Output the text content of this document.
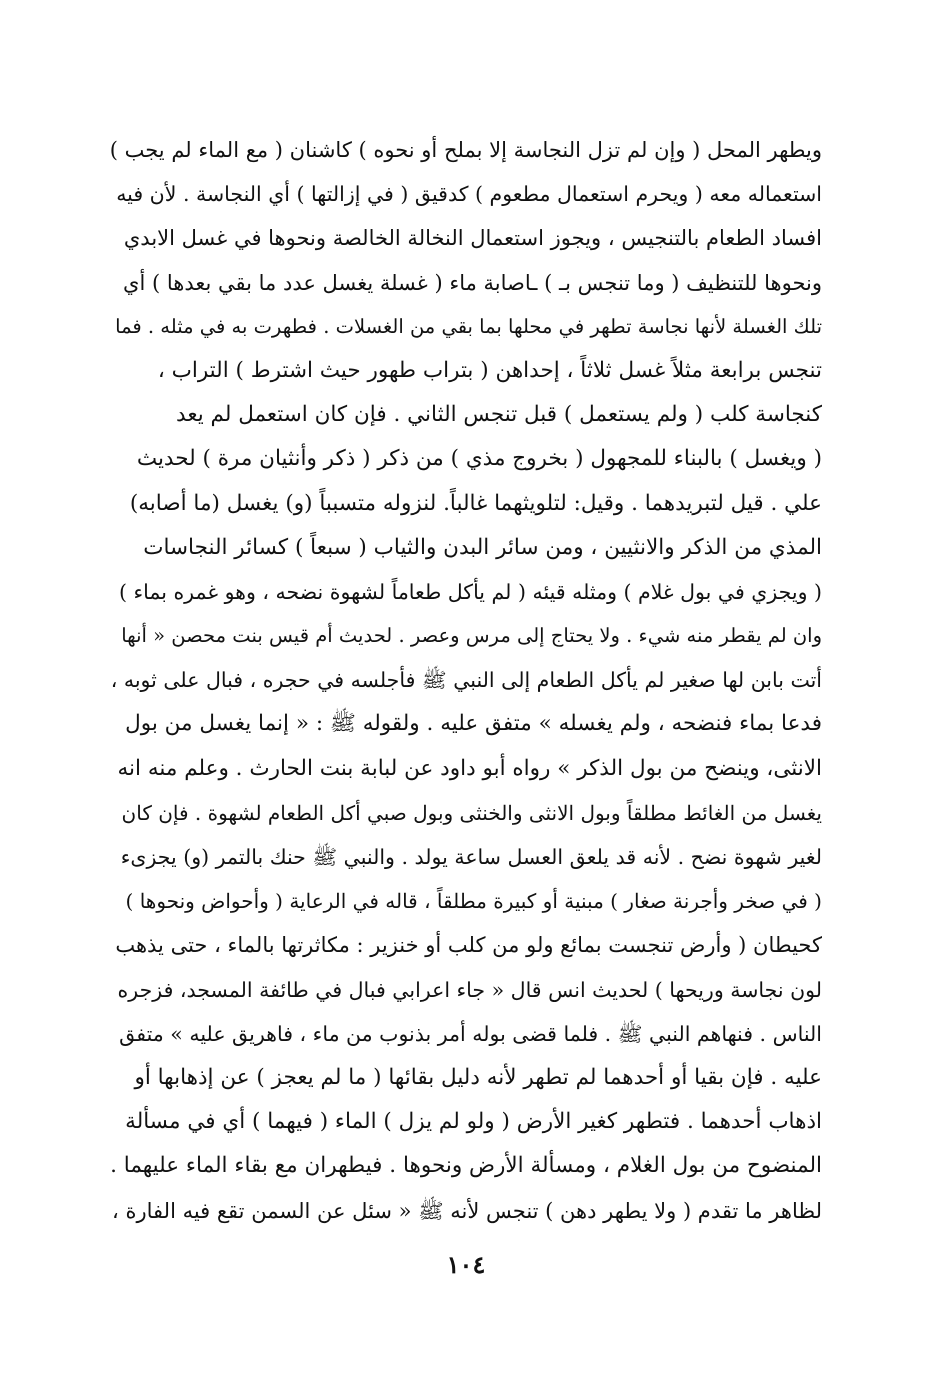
ويطهر المحل ( وإن لم تزل النجاسة إلا بملح أو نحوه ) كاشنان ( مع الماء لم يجب )
استعماله معه ( ويحرم استعمال مطعوم ) كدقيق ( في إزالتها ) أي النجاسة . لأن فيه
افساد الطعام بالتنجيس ، ويجوز استعمال النخالة الخالصة ونحوها في غسل الابدي
ونحوها للتنظيف ( وما تنجس بـ ) ـاصابة ماء ( غسلة يغسل عدد ما بقي بعدها ) أي
تلك الغسلة لأنها نجاسة تطهر في محلها بما بقي من الغسلات . فطهرت به في مثله . فما
تنجس برابعة مثلاً غسل ثلاثاً ، إحداهن ( بتراب طهور حيث اشترط ) التراب ،
كنجاسة كلب ( ولم يستعمل ) قبل تنجس الثاني . فإن كان استعمل لم يعد
( ويغسل ) بالبناء للمجهول ( بخروج مذي ) من ذكر ( ذكر وأنثيان مرة ) لحديث
علي . قيل لتبريدهما . وقيل: لتلويثهما غالباً. لنزوله متسبباً (و) يغسل (ما أصابه)
المذي من الذكر والانثيين ، ومن سائر البدن والثياب ( سبعاً ) كسائر النجاسات
( ويجزي في بول غلام ) ومثله قيئه ( لم يأكل طعاماً لشهوة نضحه ، وهو غمره بماء )
وان لم يقطر منه شيء . ولا يحتاج إلى مرس وعصر . لحديث أم قيس بنت محصن « أنها
أتت بابن لها صغير لم يأكل الطعام إلى النبي ﷺ فأجلسه في حجره ، فبال على ثوبه ،
فدعا بماء فنضحه ، ولم يغسله » متفق عليه . ولقوله ﷺ : « إنما يغسل من بول
الانثى، وينضح من بول الذكر » رواه أبو داود عن لبابة بنت الحارث . وعلم منه انه
يغسل من الغائط مطلقاً وبول الانثى والخنثى وبول صبي أكل الطعام لشهوة . فإن كان
لغير شهوة نضح . لأنه قد يلعق العسل ساعة يولد . والنبي ﷺ حنك بالتمر (و) يجزىء
( في صخر وأجرنة صغار ) مبنية أو كبيرة مطلقاً ، قاله في الرعاية ( وأحواض ونحوها )
كحيطان ( وأرض تنجست بمائع ولو من كلب أو خنزير : مكاثرتها بالماء ، حتى يذهب
لون نجاسة وريحها ) لحديث انس قال « جاء اعرابي فبال في طائفة المسجد، فزجره
الناس . فنهاهم النبي ﷺ . فلما قضى بوله أمر بذنوب من ماء ، فاهريق عليه » متفق
عليه . فإن بقيا أو أحدهما لم تطهر لأنه دليل بقائها ( ما لم يعجز ) عن إذهابها أو
اذهاب أحدهما . فتطهر كغير الأرض ( ولو لم يزل ) الماء ( فيهما ) أي في مسألة
المنضوح من بول الغلام ، ومسألة الأرض ونحوها . فيطهران مع بقاء الماء عليهما .
لظاهر ما تقدم ( ولا يطهر دهن ) تنجس لأنه ﷺ « سئل عن السمن تقع فيه الفارة ،
١٠٤
